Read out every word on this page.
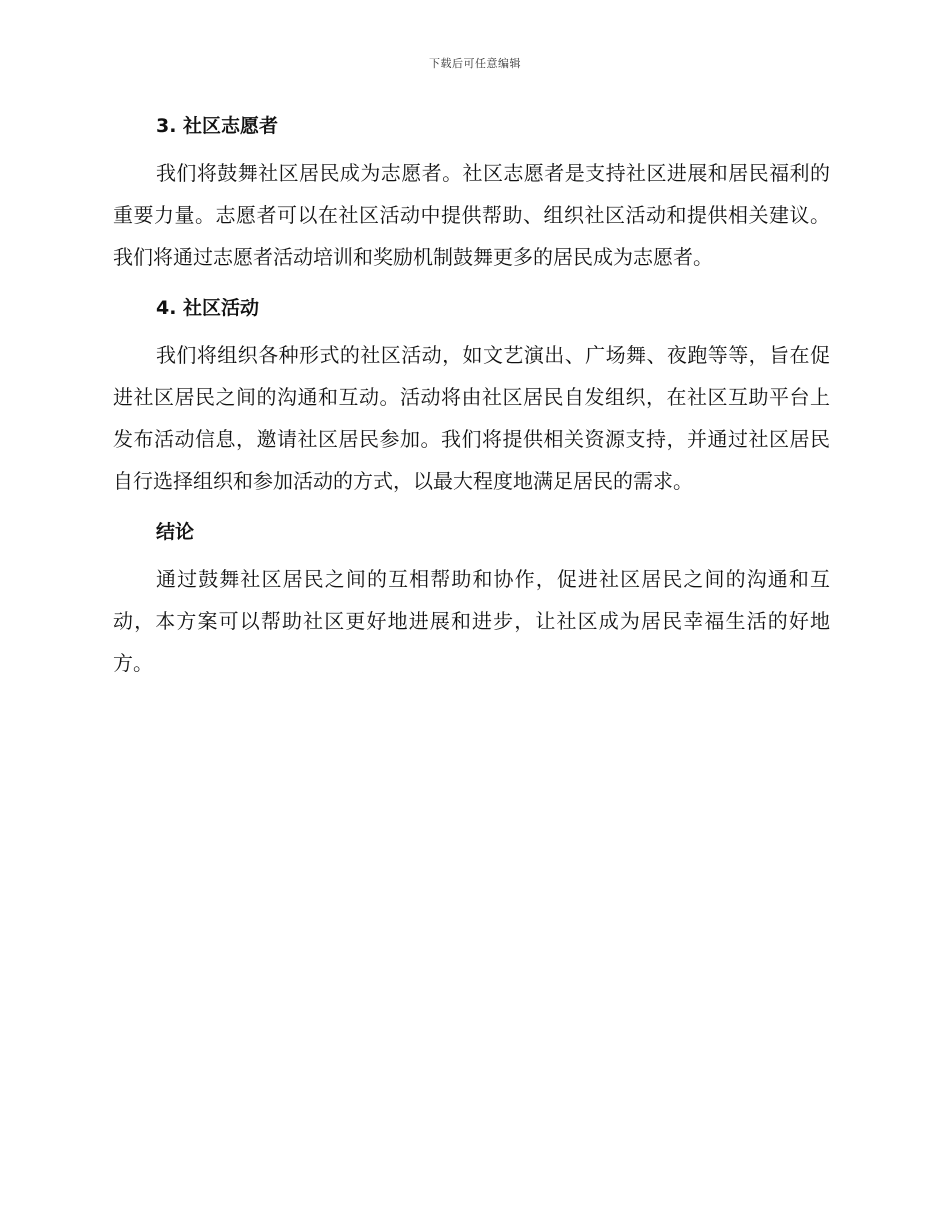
下载后可任意编辑
3. 社区志愿者

我们将鼓舞社区居民成为志愿者。社区志愿者是支持社区进展和居民福利的重要力量。志愿者可以在社区活动中提供帮助、组织社区活动和提供相关建议。我们将通过志愿者活动培训和奖励机制鼓舞更多的居民成为志愿者。

4. 社区活动

我们将组织各种形式的社区活动，如文艺演出、广场舞、夜跑等等，旨在促进社区居民之间的沟通和互动。活动将由社区居民自发组织，在社区互助平台上发布活动信息，邀请社区居民参加。我们将提供相关资源支持，并通过社区居民自行选择组织和参加活动的方式，以最大程度地满足居民的需求。

结论

通过鼓舞社区居民之间的互相帮助和协作，促进社区居民之间的沟通和互动，本方案可以帮助社区更好地进展和进步，让社区成为居民幸福生活的好地方。
